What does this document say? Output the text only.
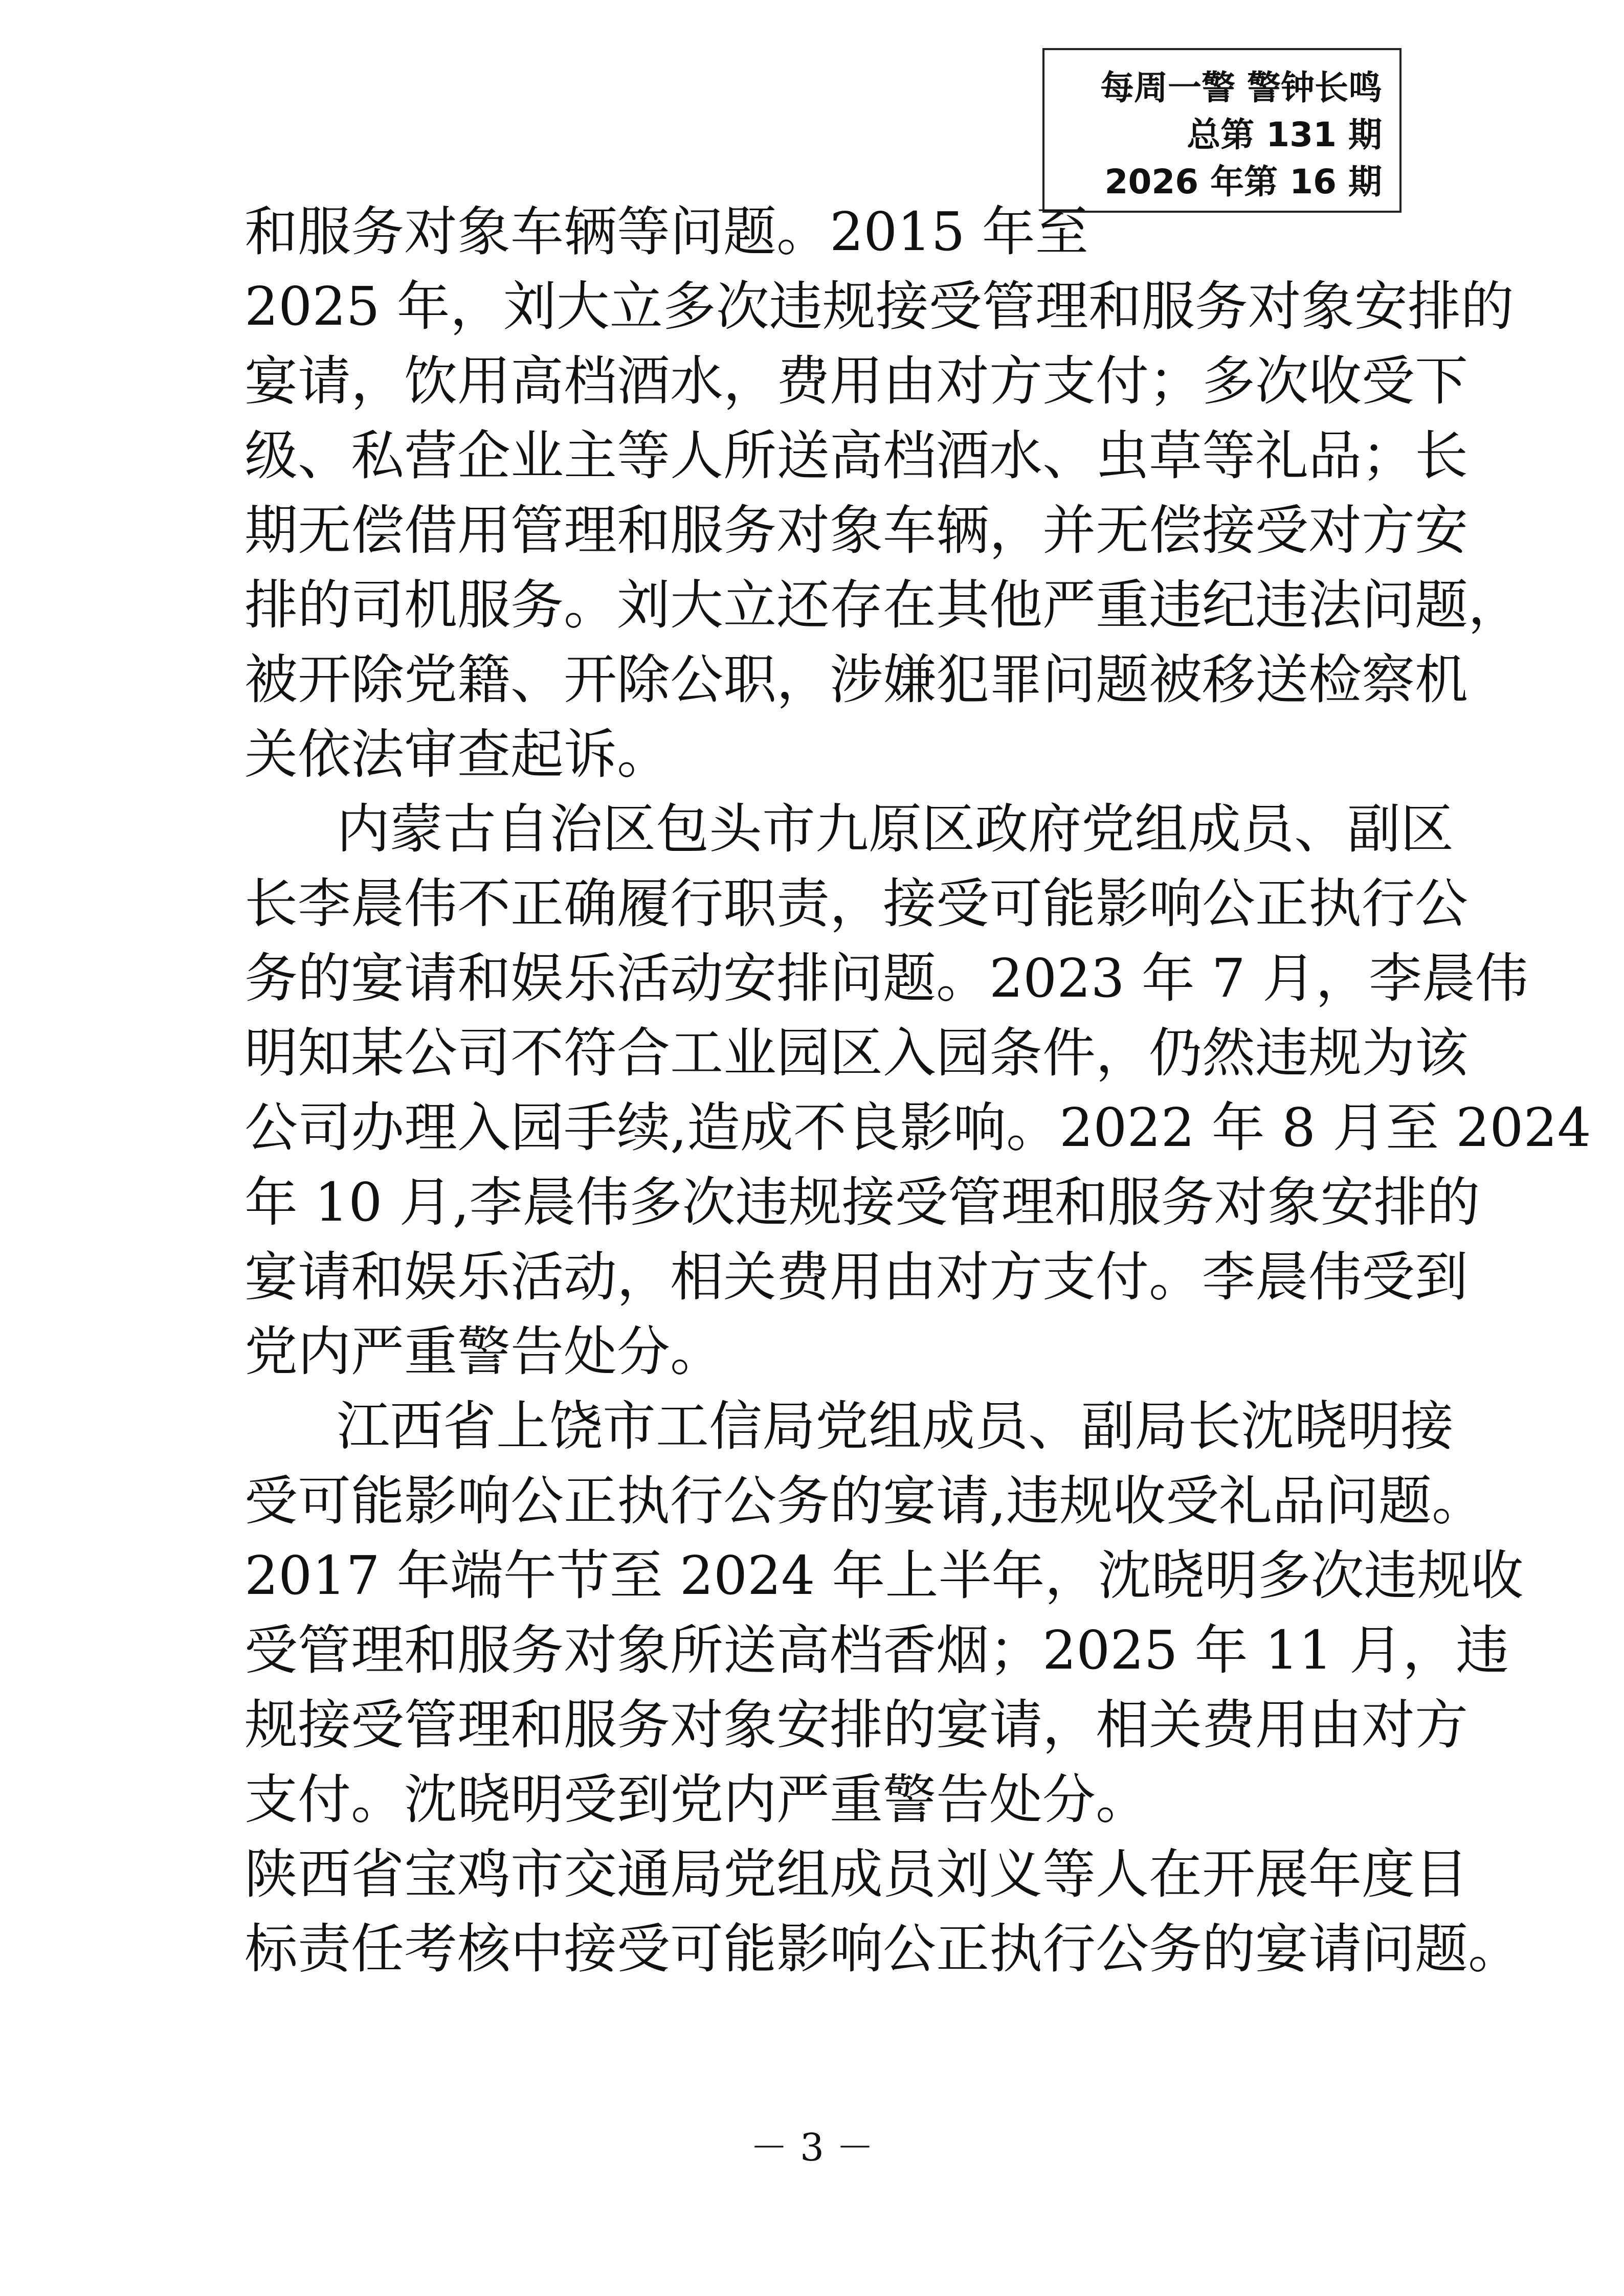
每周一警 警钟长鸣
总第 131 期
2026 年第 16 期
和服务对象车辆等问题。2015 年至
2025 年，刘大立多次违规接受管理和服务对象安排的
宴请，饮用高档酒水，费用由对方支付；多次收受下
级、私营企业主等人所送高档酒水、虫草等礼品；长
期无偿借用管理和服务对象车辆，并无偿接受对方安
排的司机服务。刘大立还存在其他严重违纪违法问题，
被开除党籍、开除公职，涉嫌犯罪问题被移送检察机
关依法审查起诉。
内蒙古自治区包头市九原区政府党组成员、副区
长李晨伟不正确履行职责，接受可能影响公正执行公
务的宴请和娱乐活动安排问题。2023 年 7 月，李晨伟
明知某公司不符合工业园区入园条件，仍然违规为该
公司办理入园手续,造成不良影响。2022 年 8 月至 2024
年 10 月,李晨伟多次违规接受管理和服务对象安排的
宴请和娱乐活动，相关费用由对方支付。李晨伟受到
党内严重警告处分。
江西省上饶市工信局党组成员、副局长沈晓明接
受可能影响公正执行公务的宴请,违规收受礼品问题。
2017 年端午节至 2024 年上半年，沈晓明多次违规收
受管理和服务对象所送高档香烟；2025 年 11 月，违
规接受管理和服务对象安排的宴请，相关费用由对方
支付。沈晓明受到党内严重警告处分。
陕西省宝鸡市交通局党组成员刘义等人在开展年度目
标责任考核中接受可能影响公正执行公务的宴请问题。
－ 3 －
